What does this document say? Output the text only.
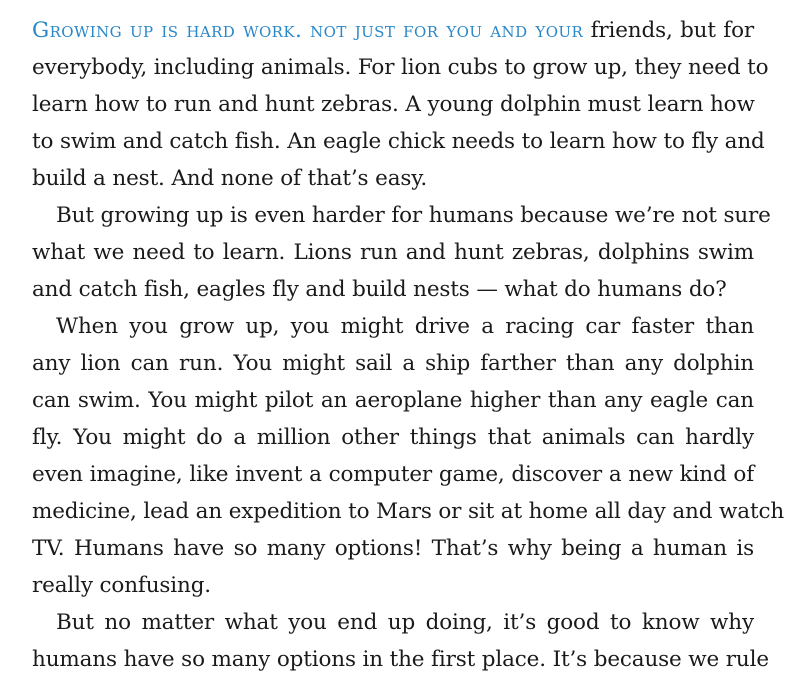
Growing up is hard work. not just for you and your friends, but for
everybody, including animals. For lion cubs to grow up, they need to
learn how to run and hunt zebras. A young dolphin must learn how
to swim and catch fish. An eagle chick needs to learn how to fly and
build a nest. And none of that’s easy.
But growing up is even harder for humans because we’re not sure
what we need to learn. Lions run and hunt zebras, dolphins swim
and catch fish, eagles fly and build nests — what do humans do?
When you grow up, you might drive a racing car faster than
any lion can run. You might sail a ship farther than any dolphin
can swim. You might pilot an aeroplane higher than any eagle can
fly. You might do a million other things that animals can hardly
even imagine, like invent a computer game, discover a new kind of
medicine, lead an expedition to Mars or sit at home all day and watch
TV. Humans have so many options! That’s why being a human is
really confusing.
But no matter what you end up doing, it’s good to know why
humans have so many options in the first place. It’s because we rule
